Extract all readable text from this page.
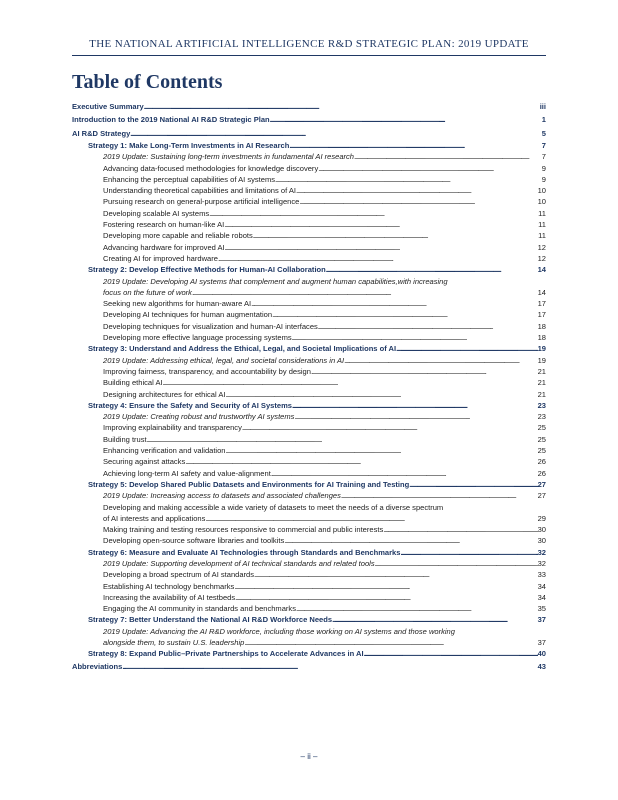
THE NATIONAL ARTIFICIAL INTELLIGENCE R&D STRATEGIC PLAN: 2019 UPDATE
Table of Contents
Executive Summary . . .	iii
Introduction to the 2019 National AI R&D Strategic Plan . . .	1
AI R&D Strategy . . .	5
Strategy 1: Make Long-Term Investments in AI Research . . .	7
2019 Update: Sustaining long-term investments in fundamental AI research . . .	7
Advancing data-focused methodologies for knowledge discovery . . .	9
Enhancing the perceptual capabilities of AI systems . . .	9
Understanding theoretical capabilities and limitations of AI . . .	10
Pursuing research on general-purpose artificial intelligence . . .	10
Developing scalable AI systems . . .	11
Fostering research on human-like AI . . .	11
Developing more capable and reliable robots . . .	11
Advancing hardware for improved AI . . .	12
Creating AI for improved hardware . . .	12
Strategy 2: Develop Effective Methods for Human-AI Collaboration . . .	14
2019 Update: Developing AI systems that complement and augment human capabilities,with increasing
focus on the future of work . . .	14
Seeking new algorithms for human-aware AI . . .	17
Developing AI techniques for human augmentation . . .	17
Developing techniques for visualization and human-AI interfaces . . .	18
Developing more effective language processing systems . . .	18
Strategy 3: Understand and Address the Ethical, Legal, and Societal Implications of AI . . .	19
2019 Update: Addressing ethical, legal, and societal considerations in AI . . .	19
Improving fairness, transparency, and accountability by design . . .	21
Building ethical AI . . .	21
Designing architectures for ethical AI . . .	21
Strategy 4: Ensure the Safety and Security of AI Systems . . .	23
2019 Update: Creating robust and trustworthy AI systems . . .	23
Improving explainability and transparency . . .	25
Building trust . . .	25
Enhancing verification and validation . . .	25
Securing against attacks . . .	26
Achieving long-term AI safety and value-alignment . . .	26
Strategy 5: Develop Shared Public Datasets and Environments for AI Training and Testing . . .	27
2019 Update: Increasing access to datasets and associated challenges . . .	27
Developing and making accessible a wide variety of datasets to meet the needs of a diverse spectrum
of AI interests and applications . . .	29
Making training and testing resources responsive to commercial and public interests . . .	30
Developing open-source software libraries and toolkits . . .	30
Strategy 6: Measure and Evaluate AI Technologies through Standards and Benchmarks . . .	32
2019 Update: Supporting development of AI technical standards and related tools . . .	32
Developing a broad spectrum of AI standards . . .	33
Establishing AI technology benchmarks . . .	34
Increasing the availability of AI testbeds . . .	34
Engaging the AI community in standards and benchmarks . . .	35
Strategy 7: Better Understand the National AI R&D Workforce Needs . . .	37
2019 Update: Advancing the AI R&D workforce, including those working on AI systems and those working
alongside them, to sustain U.S. leadership . . .	37
Strategy 8: Expand Public–Private Partnerships to Accelerate Advances in AI . . .	40
Abbreviations . . .	43
– ii –
